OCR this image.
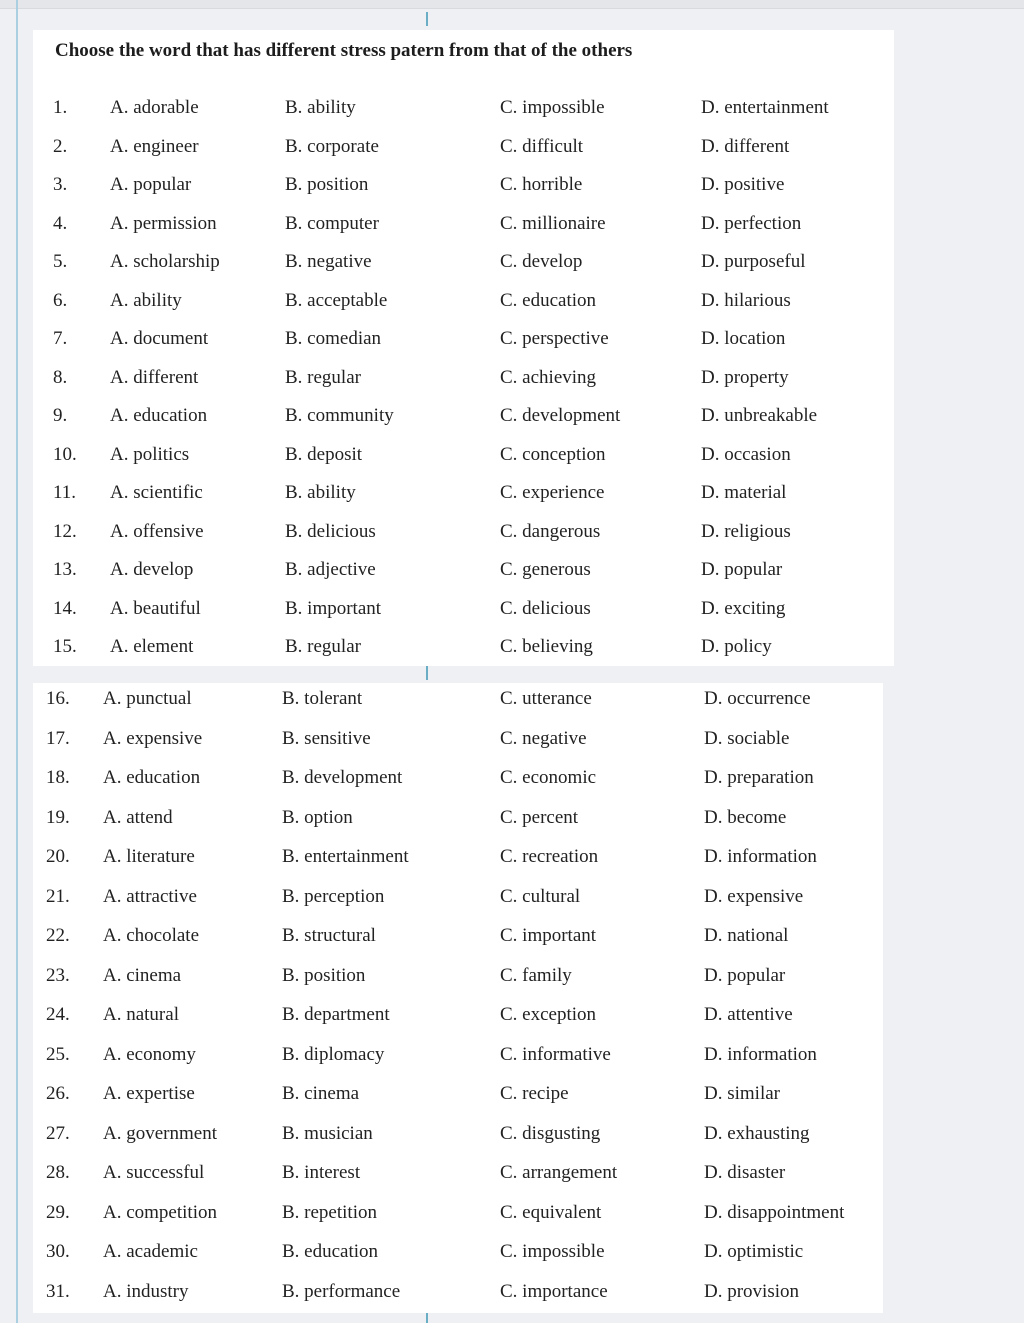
Choose the word that has different stress patern from that of the others
1. A. adorable	B. ability	C. impossible	D. entertainment
2. A. engineer	B. corporate	C. difficult	D. different
3. A. popular	B. position	C. horrible	D. positive
4. A. permission	B. computer	C. millionaire	D. perfection
5. A. scholarship	B. negative	C. develop	D. purposeful
6. A. ability	B. acceptable	C. education	D. hilarious
7. A. document	B. comedian	C. perspective	D. location
8. A. different	B. regular	C. achieving	D. property
9. A. education	B. community	C. development	D. unbreakable
10. A. politics	B. deposit	C. conception	D. occasion
11. A. scientific	B. ability	C. experience	D. material
12. A. offensive	B. delicious	C. dangerous	D. religious
13. A. develop	B. adjective	C. generous	D. popular
14. A. beautiful	B. important	C. delicious	D. exciting
15. A. element	B. regular	C. believing	D. policy
16. A. punctual	B. tolerant	C. utterance	D. occurrence
17. A. expensive	B. sensitive	C. negative	D. sociable
18. A. education	B. development	C. economic	D. preparation
19. A. attend	B. option	C. percent	D. become
20. A. literature	B. entertainment	C. recreation	D. information
21. A. attractive	B. perception	C. cultural	D. expensive
22. A. chocolate	B. structural	C. important	D. national
23. A. cinema	B. position	C. family	D. popular
24. A. natural	B. department	C. exception	D. attentive
25. A. economy	B. diplomacy	C. informative	D. information
26. A. expertise	B. cinema	C. recipe	D. similar
27. A. government	B. musician	C. disgusting	D. exhausting
28. A. successful	B. interest	C. arrangement	D. disaster
29. A. competition	B. repetition	C. equivalent	D. disappointment
30. A. academic	B. education	C. impossible	D. optimistic
31. A. industry	B. performance	C. importance	D. provision
